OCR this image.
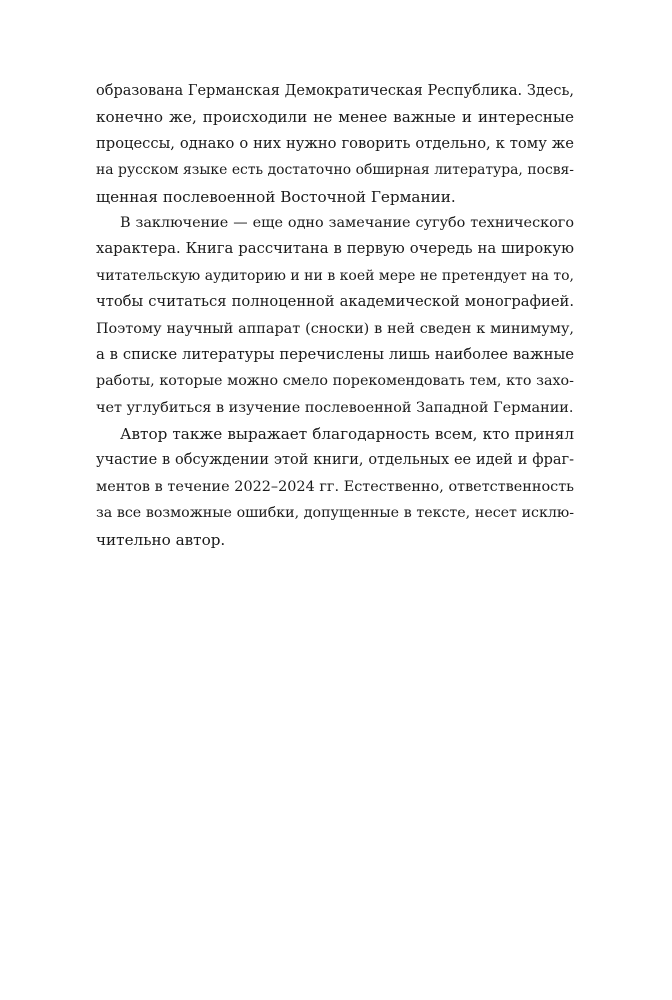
образована Германская Демократическая Республика. Здесь,
конечно же, происходили не менее важные и интересные
процессы, однако о них нужно говорить отдельно, к тому же
на русском языке есть достаточно обширная литература, посвя-
щенная послевоенной Восточной Германии.
В заключение — еще одно замечание сугубо технического
характера. Книга рассчитана в первую очередь на широкую
читательскую аудиторию и ни в коей мере не претендует на то,
чтобы считаться полноценной академической монографией.
Поэтому научный аппарат (сноски) в ней сведен к минимуму,
а в списке литературы перечислены лишь наиболее важные
работы, которые можно смело порекомендовать тем, кто захо-
чет углубиться в изучение послевоенной Западной Германии.
Автор также выражает благодарность всем, кто принял
участие в обсуждении этой книги, отдельных ее идей и фраг-
ментов в течение 2022–2024 гг. Естественно, ответственность
за все возможные ошибки, допущенные в тексте, несет исклю-
чительно автор.
